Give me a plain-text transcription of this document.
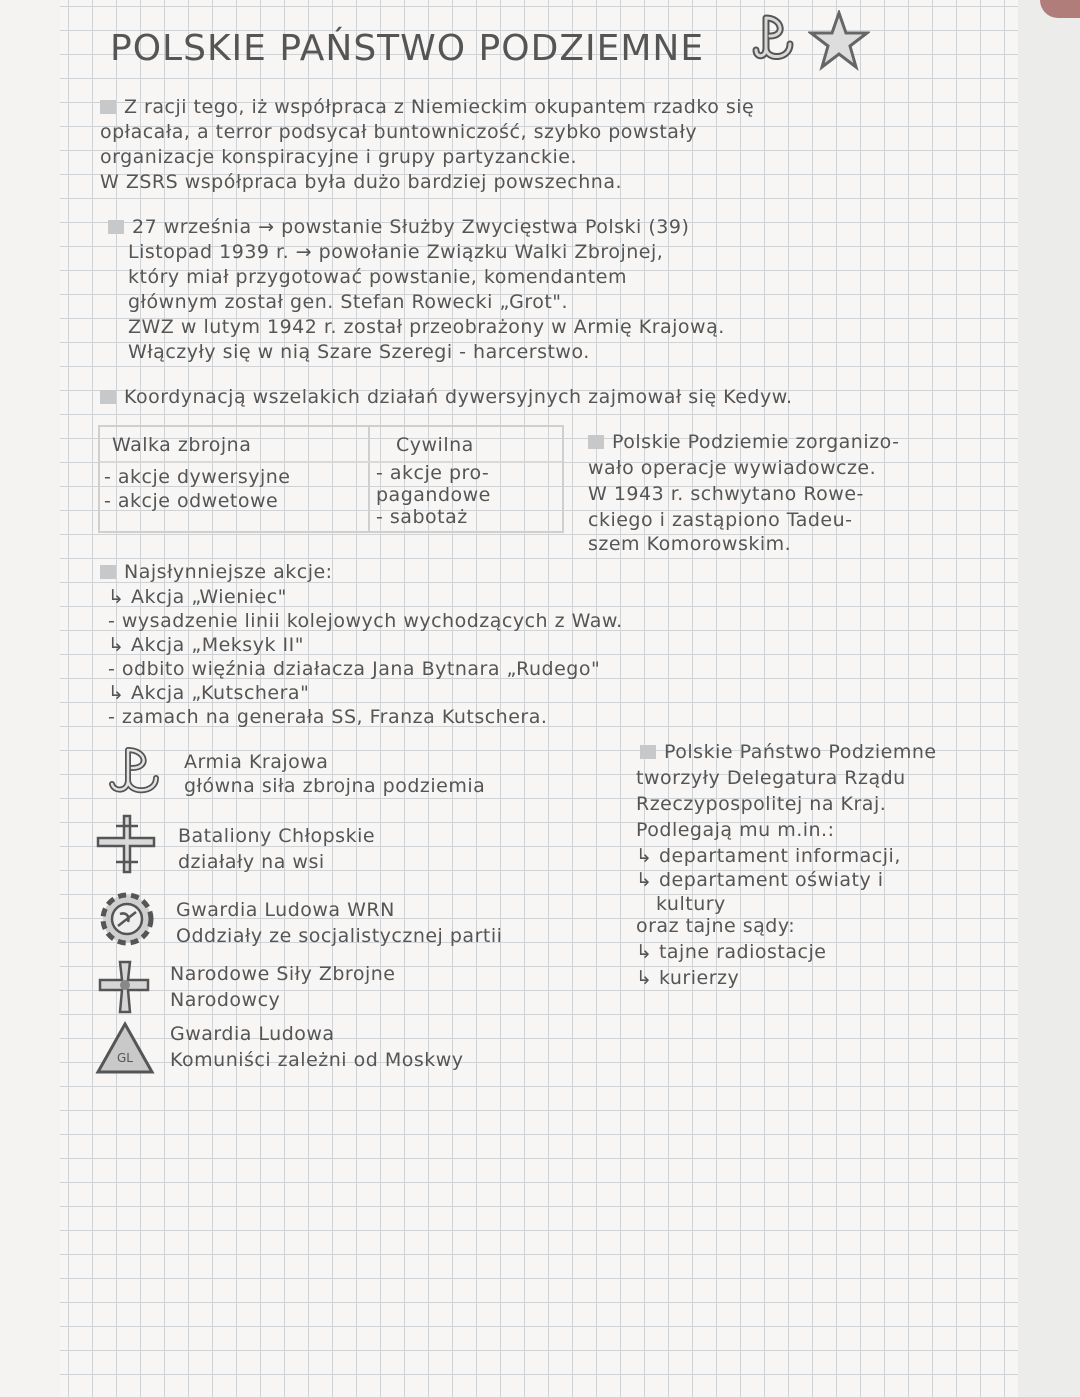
POLSKIE PAŃSTWO PODZIEMNE
Z racji tego, iż współpraca z Niemieckim okupantem rzadko się
opłacała, a terror podsycał buntowniczość, szybko powstały
organizacje konspiracyjne i grupy partyzanckie.
W ZSRS współpraca była dużo bardziej powszechna.
27 września → powstanie Służby Zwycięstwa Polski (39)
Listopad 1939 r. → powołanie Związku Walki Zbrojnej,
który miał przygotować powstanie, komendantem
głównym został gen. Stefan Rowecki „Grot".
ZWZ w lutym 1942 r. został przeobrażony w Armię Krajową.
Włączyły się w nią Szare Szeregi - harcerstwo.
Koordynacją wszelakich działań dywersyjnych zajmował się Kedyw.
Walka zbrojna
- akcje dywersyjne
- akcje odwetowe
Cywilna
- akcje pro-
pagandowe
- sabotaż
Polskie Podziemie zorganizo-
wało operacje wywiadowcze.
W 1943 r. schwytano Rowe-
ckiego i zastąpiono Tadeu-
szem Komorowskim.
Najsłynniejsze akcje:
↳ Akcja „Wieniec"
- wysadzenie linii kolejowych wychodzących z Waw.
↳ Akcja „Meksyk II"
- odbito więźnia działacza Jana Bytnara „Rudego"
↳ Akcja „Kutschera"
- zamach na generała SS, Franza Kutschera.
Armia Krajowa
główna siła zbrojna podziemia
Bataliony Chłopskie
działały na wsi
Gwardia Ludowa WRN
Oddziały ze socjalistycznej partii
Narodowe Siły Zbrojne
Narodowcy
GL
Gwardia Ludowa
Komuniści zależni od Moskwy
Polskie Państwo Podziemne
tworzyły Delegatura Rządu
Rzeczypospolitej na Kraj.
Podlegają mu m.in.:
↳ departament informacji,
↳ departament oświaty i
kultury
oraz tajne sądy:
↳ tajne radiostacje
↳ kurierzy
